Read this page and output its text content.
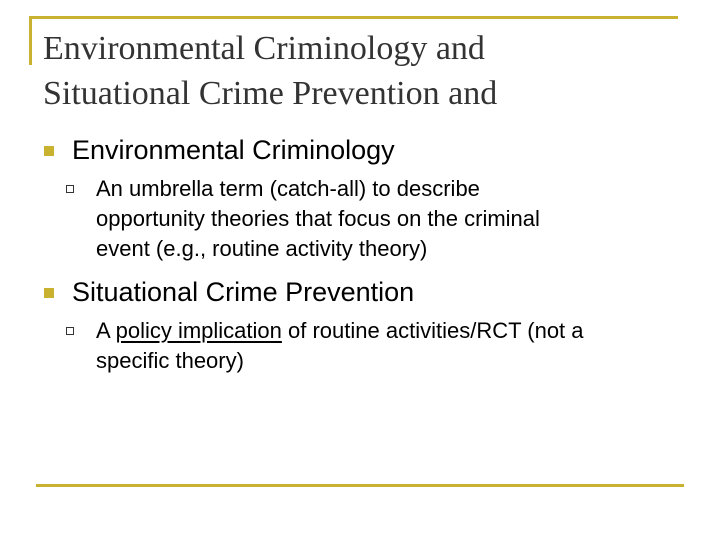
Environmental Criminology and
Situational Crime Prevention and
Environmental Criminology
An umbrella term (catch-all) to describe
opportunity theories that focus on the criminal
event (e.g., routine activity theory)
Situational Crime Prevention
A policy implication of routine activities/RCT (not a
specific theory)
